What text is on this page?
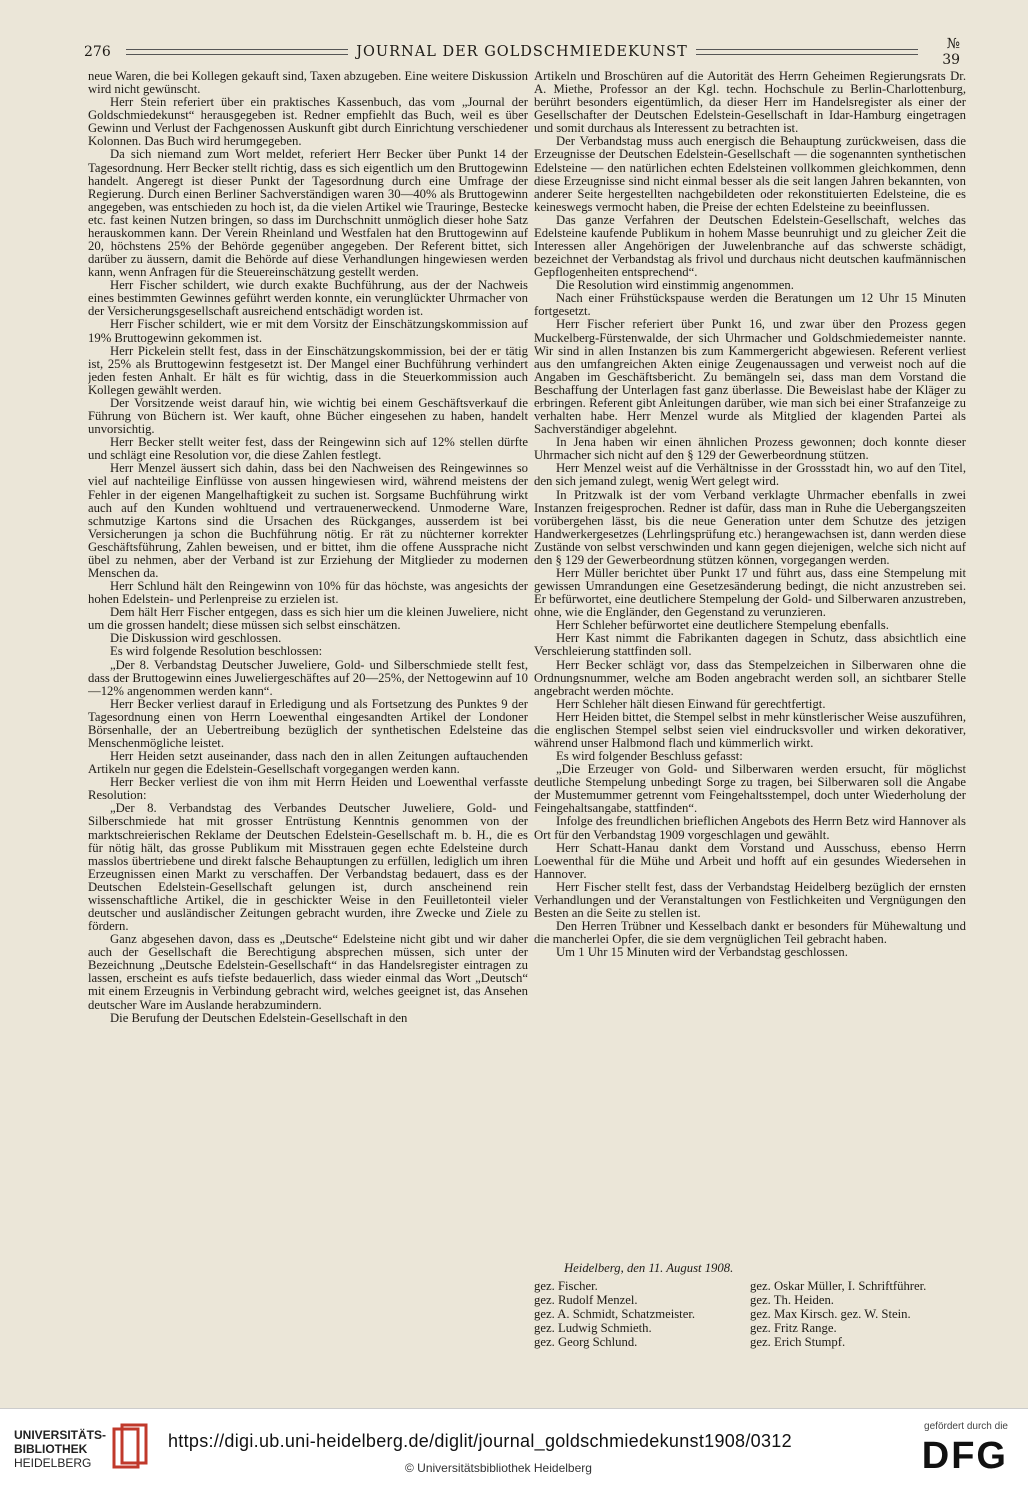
276	JOURNAL DER GOLDSCHMIEDEKUNST	№ 39

neue Waren, die bei Kollegen gekauft sind, Taxen abzugeben. Eine weitere Diskussion wird nicht gewünscht.

Herr Stein referiert über ein praktisches Kassenbuch, das vom „Journal der Goldschmiedekunst“ herausgegeben ist. Redner empfiehlt das Buch, weil es über Gewinn und Verlust der Fachgenossen Auskunft gibt durch Einrichtung verschiedener Kolonnen. Das Buch wird herumgegeben.

Da sich niemand zum Wort meldet, referiert Herr Becker über Punkt 14 der Tagesordnung. Herr Becker stellt richtig, dass es sich eigentlich um den Bruttogewinn handelt. Angeregt ist dieser Punkt der Tagesordnung durch eine Umfrage der Regierung. Durch einen Berliner Sachverständigen waren 30—40% als Bruttogewinn angegeben, was entschieden zu hoch ist, da die vielen Artikel wie Trauringe, Bestecke etc. fast keinen Nutzen bringen, so dass im Durchschnitt unmöglich dieser hohe Satz herauskommen kann. Der Verein Rheinland und Westfalen hat den Bruttogewinn auf 20, höchstens 25% der Behörde gegenüber angegeben. Der Referent bittet, sich darüber zu äussern, damit die Behörde auf diese Verhandlungen hingewiesen werden kann, wenn Anfragen für die Steuereinschätzung gestellt werden.

Herr Fischer schildert, wie durch exakte Buchführung, aus der der Nachweis eines bestimmten Gewinnes geführt werden konnte, ein verunglückter Uhrmacher von der Versicherungsgesellschaft ausreichend entschädigt worden ist.

Herr Fischer schildert, wie er mit dem Vorsitz der Einschätzungskommission auf 19% Bruttogewinn gekommen ist.

Herr Pickelein stellt fest, dass in der Einschätzungskommission, bei der er tätig ist, 25% als Bruttogewinn festgesetzt ist. Der Mangel einer Buchführung verhindert jeden festen Anhalt. Er hält es für wichtig, dass in die Steuerkommission auch Kollegen gewählt werden.

Der Vorsitzende weist darauf hin, wie wichtig bei einem Geschäftsverkauf die Führung von Büchern ist. Wer kauft, ohne Bücher eingesehen zu haben, handelt unvorsichtig.

Herr Becker stellt weiter fest, dass der Reingewinn sich auf 12% stellen dürfte und schlägt eine Resolution vor, die diese Zahlen festlegt.

Herr Menzel äussert sich dahin, dass bei den Nachweisen des Reingewinnes so viel auf nachteilige Einflüsse von aussen hingewiesen wird, während meistens der Fehler in der eigenen Mangelhaftigkeit zu suchen ist. Sorgsame Buchführung wirkt auch auf den Kunden wohltuend und vertrauenerweckend. Unmoderne Ware, schmutzige Kartons sind die Ursachen des Rückganges, ausserdem ist bei Versicherungen ja schon die Buchführung nötig. Er rät zu nüchterner korrekter Geschäftsführung, Zahlen beweisen, und er bittet, ihm die offene Aussprache nicht übel zu nehmen, aber der Verband ist zur Erziehung der Mitglieder zu modernen Menschen da.

Herr Schlund hält den Reingewinn von 10% für das höchste, was angesichts der hohen Edelstein- und Perlenpreise zu erzielen ist.

Dem hält Herr Fischer entgegen, dass es sich hier um die kleinen Juweliere, nicht um die grossen handelt; diese müssen sich selbst einschätzen.

Die Diskussion wird geschlossen.

Es wird folgende Resolution beschlossen:

„Der 8. Verbandstag Deutscher Juweliere, Gold- und Silberschmiede stellt fest, dass der Bruttogewinn eines Juweliergeschäftes auf 20—25%, der Nettogewinn auf 10—12% angenommen werden kann“.

Herr Becker verliest darauf in Erledigung und als Fortsetzung des Punktes 9 der Tagesordnung einen von Herrn Loewenthal eingesandten Artikel der Londoner Börsenhalle, der an Uebertreibung bezüglich der synthetischen Edelsteine das Menschenmögliche leistet.

Herr Heiden setzt auseinander, dass nach den in allen Zeitungen auftauchenden Artikeln nur gegen die Edelstein-Gesellschaft vorgegangen werden kann.

Herr Becker verliest die von ihm mit Herrn Heiden und Loewenthal verfasste Resolution:

„Der 8. Verbandstag des Verbandes Deutscher Juweliere, Gold- und Silberschmiede hat mit grosser Entrüstung Kenntnis genommen von der marktschreierischen Reklame der Deutschen Edelstein-Gesellschaft m. b. H., die es für nötig hält, das grosse Publikum mit Misstrauen gegen echte Edelsteine durch masslos übertriebene und direkt falsche Behauptungen zu erfüllen, lediglich um ihren Erzeugnissen einen Markt zu verschaffen. Der Verbandstag bedauert, dass es der Deutschen Edelstein-Gesellschaft gelungen ist, durch anscheinend rein wissenschaftliche Artikel, die in geschickter Weise in den Feuilletonteil vieler deutscher und ausländischer Zeitungen gebracht wurden, ihre Zwecke und Ziele zu fördern.

Ganz abgesehen davon, dass es „Deutsche“ Edelsteine nicht gibt und wir daher auch der Gesellschaft die Berechtigung absprechen müssen, sich unter der Bezeichnung „Deutsche Edelstein-Gesellschaft“ in das Handelsregister eintragen zu lassen, erscheint es aufs tiefste bedauerlich, dass wieder einmal das Wort „Deutsch“ mit einem Erzeugnis in Verbindung gebracht wird, welches geeignet ist, das Ansehen deutscher Ware im Auslande herabzumindern.

Die Berufung der Deutschen Edelstein-Gesellschaft in den

Artikeln und Broschüren auf die Autorität des Herrn Geheimen Regierungsrats Dr. A. Miethe, Professor an der Kgl. techn. Hochschule zu Berlin-Charlottenburg, berührt besonders eigentümlich, da dieser Herr im Handelsregister als einer der Gesellschafter der Deutschen Edelstein-Gesellschaft in Idar-Hamburg eingetragen und somit durchaus als Interessent zu betrachten ist.

Der Verbandstag muss auch energisch die Behauptung zurückweisen, dass die Erzeugnisse der Deutschen Edelstein-Gesellschaft — die sogenannten synthetischen Edelsteine — den natürlichen echten Edelsteinen vollkommen gleichkommen, denn diese Erzeugnisse sind nicht einmal besser als die seit langen Jahren bekannten, von anderer Seite hergestellten nachgebildeten oder rekonstituierten Edelsteine, die es keineswegs vermocht haben, die Preise der echten Edelsteine zu beeinflussen.

Das ganze Verfahren der Deutschen Edelstein-Gesellschaft, welches das Edelsteine kaufende Publikum in hohem Masse beunruhigt und zu gleicher Zeit die Interessen aller Angehörigen der Juwelenbranche auf das schwerste schädigt, bezeichnet der Verbandstag als frivol und durchaus nicht deutschen kaufmännischen Gepflogenheiten entsprechend“.

Die Resolution wird einstimmig angenommen.

Nach einer Frühstückspause werden die Beratungen um 12 Uhr 15 Minuten fortgesetzt.

Herr Fischer referiert über Punkt 16, und zwar über den Prozess gegen Muckelberg-Fürstenwalde, der sich Uhrmacher und Goldschmiedemeister nannte. Wir sind in allen Instanzen bis zum Kammergericht abgewiesen. Referent verliest aus den umfangreichen Akten einige Zeugenaussagen und verweist noch auf die Angaben im Geschäftsbericht. Zu bemängeln sei, dass man dem Vorstand die Beschaffung der Unterlagen fast ganz überlasse. Die Beweislast habe der Kläger zu erbringen. Referent gibt Anleitungen darüber, wie man sich bei einer Strafanzeige zu verhalten habe. Herr Menzel wurde als Mitglied der klagenden Partei als Sachverständiger abgelehnt.

In Jena haben wir einen ähnlichen Prozess gewonnen; doch konnte dieser Uhrmacher sich nicht auf den § 129 der Gewerbeordnung stützen.

Herr Menzel weist auf die Verhältnisse in der Grossstadt hin, wo auf den Titel, den sich jemand zulegt, wenig Wert gelegt wird.

In Pritzwalk ist der vom Verband verklagte Uhrmacher ebenfalls in zwei Instanzen freigesprochen. Redner ist dafür, dass man in Ruhe die Uebergangszeiten vorübergehen lässt, bis die neue Generation unter dem Schutze des jetzigen Handwerkergesetzes (Lehrlingsprüfung etc.) herangewachsen ist, dann werden diese Zustände von selbst verschwinden und kann gegen diejenigen, welche sich nicht auf den § 129 der Gewerbeordnung stützen können, vorgegangen werden.

Herr Müller berichtet über Punkt 17 und führt aus, dass eine Stempelung mit gewissen Umrandungen eine Gesetzesänderung bedingt, die nicht anzustreben sei. Er befürwortet, eine deutlichere Stempelung der Gold- und Silberwaren anzustreben, ohne, wie die Engländer, den Gegenstand zu verunzieren.

Herr Schleher befürwortet eine deutlichere Stempelung ebenfalls.

Herr Kast nimmt die Fabrikanten dagegen in Schutz, dass absichtlich eine Verschleierung stattfinden soll.

Herr Becker schlägt vor, dass das Stempelzeichen in Silberwaren ohne die Ordnungsnummer, welche am Boden angebracht werden soll, an sichtbarer Stelle angebracht werden möchte.

Herr Schleher hält diesen Einwand für gerechtfertigt.

Herr Heiden bittet, die Stempel selbst in mehr künstlerischer Weise auszuführen, die englischen Stempel selbst seien viel eindrucksvoller und wirken dekorativer, während unser Halbmond flach und kümmerlich wirkt.

Es wird folgender Beschluss gefasst:

„Die Erzeuger von Gold- und Silberwaren werden ersucht, für möglichst deutliche Stempelung unbedingt Sorge zu tragen, bei Silberwaren soll die Angabe der Mustemummer getrennt vom Feingehaltsstempel, doch unter Wiederholung der Feingehaltsangabe, stattfinden“.

Infolge des freundlichen brieflichen Angebots des Herrn Betz wird Hannover als Ort für den Verbandstag 1909 vorgeschlagen und gewählt.

Herr Schatt-Hanau dankt dem Vorstand und Ausschuss, ebenso Herrn Loewenthal für die Mühe und Arbeit und hofft auf ein gesundes Wiedersehen in Hannover.

Herr Fischer stellt fest, dass der Verbandstag Heidelberg bezüglich der ernsten Verhandlungen und der Veranstaltungen von Festlichkeiten und Vergnügungen den Besten an die Seite zu stellen ist.

Den Herren Trübner und Kesselbach dankt er besonders für Mühewaltung und die mancherlei Opfer, die sie dem vergnüglichen Teil gebracht haben.

Um 1 Uhr 15 Minuten wird der Verbandstag geschlossen.

Heidelberg, den 11. August 1908.
gez. Fischer.	gez. Oskar Müller, I. Schriftführer.
gez. Rudolf Menzel.	gez. Th. Heiden.
gez. A. Schmidt, Schatzmeister.	gez. Max Kirsch. gez. W. Stein.
gez. Ludwig Schmieth.	gez. Fritz Range.
gez. Georg Schlund.	gez. Erich Stumpf.
UNIVERSITÄTS-
BIBLIOTHEK
HEIDELBERG
https://digi.ub.uni-heidelberg.de/diglit/journal_goldschmiedekunst1908/0312
© Universitätsbibliothek Heidelberg
gefördert durch die
DFG
